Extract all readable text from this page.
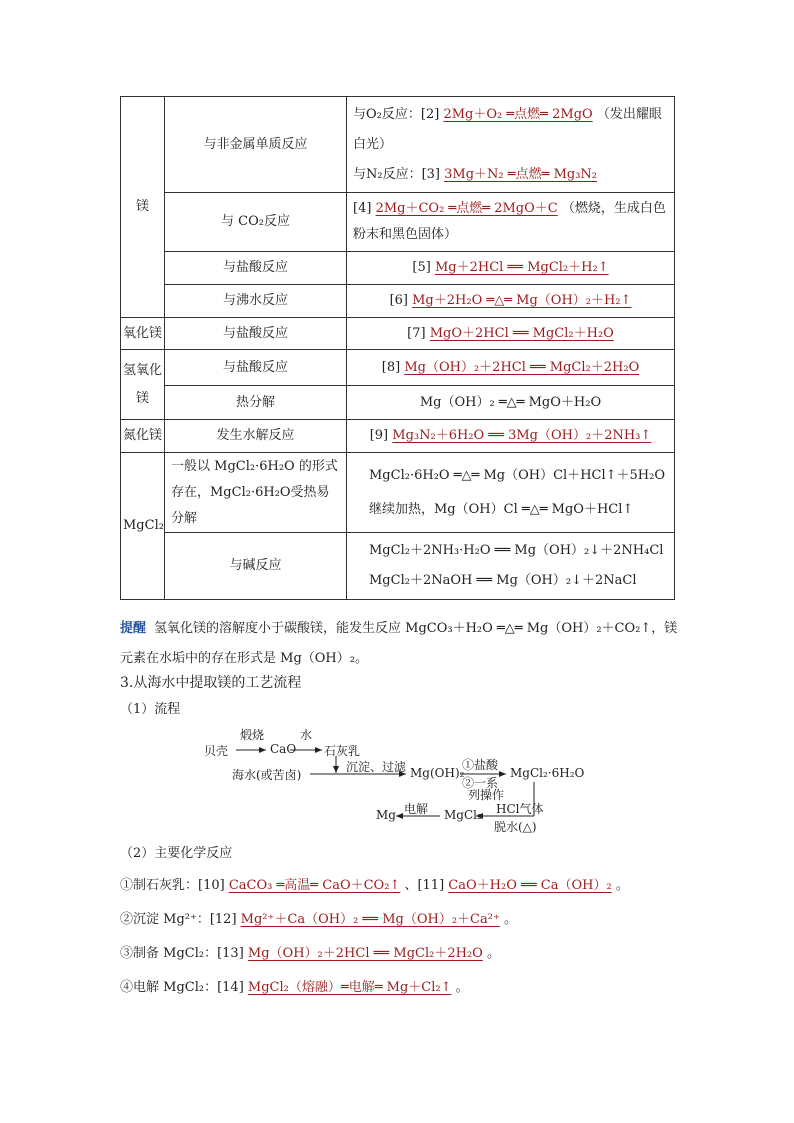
镁	与非金属单质反应	与O₂反应：[2] 2Mg＋O₂ ═点燃═ 2MgO （发出耀眼白光）
与N₂反应：[3] 3Mg＋N₂ ═点燃═ Mg₃N₂

	与 CO₂反应	[4] 2Mg＋CO₂ ═点燃═ 2MgO＋C （燃烧，生成白色粉末和黑色固体）
	与盐酸反应	[5] Mg＋2HCl ══ MgCl₂＋H₂↑
	与沸水反应	[6] Mg＋2H₂O ═△═ Mg（OH）₂＋H₂↑
氧化镁	与盐酸反应	[7] MgO＋2HCl ══ MgCl₂＋H₂O
氢氧化镁	与盐酸反应	[8] Mg（OH）₂＋2HCl ══ MgCl₂＋2H₂O
	热分解	Mg（OH）₂ ═△═ MgO＋H₂O
氮化镁	发生水解反应	[9] Mg₃N₂＋6H₂O ══ 3Mg（OH）₂＋2NH₃↑
MgCl₂	一般以 MgCl₂·6H₂O 的形式存在，MgCl₂·6H₂O受热易分解	MgCl₂·6H₂O ═△═ Mg（OH）Cl＋HCl↑＋5H₂O
继续加热，Mg（OH）Cl ═△═ MgO＋HCl↑

	与碱反应	MgCl₂＋2NH₃·H₂O ══ Mg（OH）₂↓＋2NH₄Cl
MgCl₂＋2NaOH ══ Mg（OH）₂↓＋2NaCl
提醒 氢氧化镁的溶解度小于碳酸镁，能发生反应 MgCO₃＋H₂O ═△═ Mg（OH）₂＋CO₂↑，镁元素在水垢中的存在形式是 Mg（OH）₂。
3.从海水中提取镁的工艺流程
（1）流程
贝壳
煅烧
CaO
水
石灰乳
海水(或苦卤)
沉淀、过滤 Mg(OH)₂
①盐酸
②一系
列操作
MgCl₂·6H₂O
HCl气体
脱水(△)
MgCl₂
电解
Mg
（2）主要化学反应
①制石灰乳：[10] CaCO₃ ═高温═ CaO＋CO₂↑ 、[11] CaO＋H₂O ══ Ca（OH）₂ 。
②沉淀 Mg²⁺：[12] Mg²⁺＋Ca（OH）₂ ══ Mg（OH）₂＋Ca²⁺ 。
③制备 MgCl₂：[13] Mg（OH）₂＋2HCl ══ MgCl₂＋2H₂O 。
④电解 MgCl₂：[14] MgCl₂（熔融）═电解═ Mg＋Cl₂↑ 。
